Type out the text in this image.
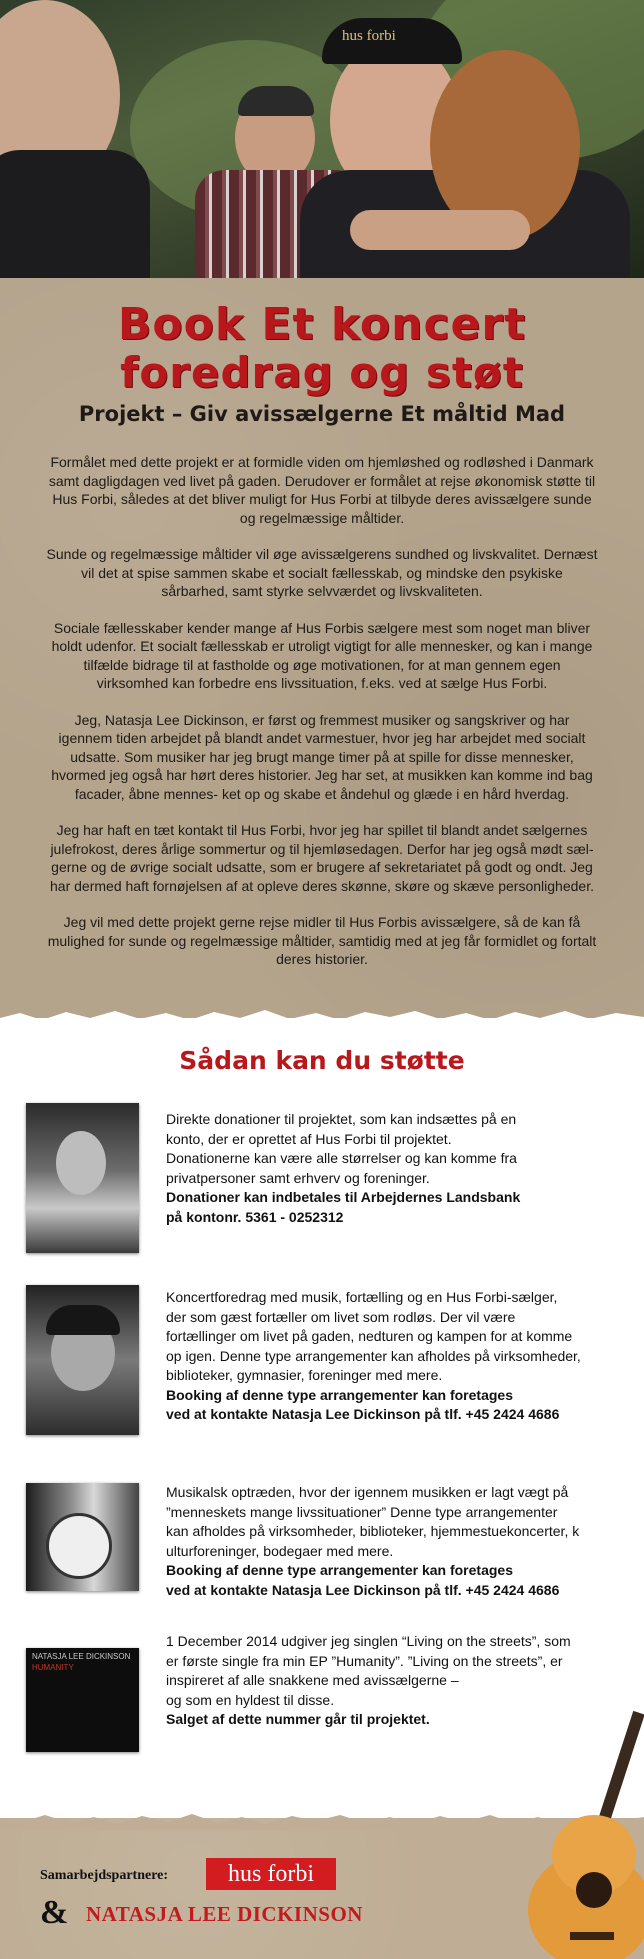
hus forbi
Book Et koncert
foredrag og støt
Projekt – Giv avissælgerne Et måltid Mad

Formålet med dette projekt er at formidle viden om hjemløshed og rodløshed i Danmark samt dagligdagen ved livet på gaden. Derudover er formålet at rejse økonomisk støtte til Hus Forbi, således at det bliver muligt for Hus Forbi at tilbyde deres avissælgere sunde og regelmæssige måltider.

Sunde og regelmæssige måltider vil øge avissælgerens sundhed og livskvalitet. Dernæst vil det at spise sammen skabe et socialt fællesskab, og mindske den psykiske sårbarhed, samt styrke selvværdet og livskvaliteten.

Sociale fællesskaber kender mange af Hus Forbis sælgere mest som noget man bliver holdt udenfor. Et socialt fællesskab er utroligt vigtigt for alle mennesker, og kan i mange tilfælde bidrage til at fastholde og øge motivationen, for at man gennem egen virksomhed kan forbedre ens livssituation, f.eks. ved at sælge Hus Forbi.

Jeg, Natasja Lee Dickinson, er først og fremmest musiker og sangskriver og har igennem tiden arbejdet på blandt andet varmestuer, hvor jeg har arbejdet med socialt udsatte. Som musiker har jeg brugt mange timer på at spille for disse mennesker, hvormed jeg også har hørt deres historier. Jeg har set, at musikken kan komme ind bag facader, åbne mennes- ket op og skabe et åndehul og glæde i en hård hverdag.

Jeg har haft en tæt kontakt til Hus Forbi, hvor jeg har spillet til blandt andet sælgernes julefrokost, deres årlige sommertur og til hjemløsedagen. Derfor har jeg også mødt sæl- gerne og de øvrige socialt udsatte, som er brugere af sekretariatet på godt og ondt. Jeg har dermed haft fornøjelsen af at opleve deres skønne, skøre og skæve personligheder.

Jeg vil med dette projekt gerne rejse midler til Hus Forbis avissælgere, så de kan få mulighed for sunde og regelmæssige måltider, samtidig med at jeg får formidlet og fortalt deres historier.

Sådan kan du støtte
Direkte donationer til projektet, som kan indsættes på en
konto, der er oprettet af Hus Forbi til projektet.
Donationerne kan være alle størrelser og kan komme fra
privatpersoner samt erhverv og foreninger.
Donationer kan indbetales til Arbejdernes Landsbank
på kontonr. 5361 - 0252312
Koncertforedrag med musik, fortælling og en Hus Forbi-sælger,
der som gæst fortæller om livet som rodløs. Der vil være
fortællinger om livet på gaden, nedturen og kampen for at komme
op igen. Denne type arrangementer kan afholdes på virksomheder,
biblioteker, gymnasier, foreninger med mere.
Booking af denne type arrangementer kan foretages
ved at kontakte Natasja Lee Dickinson på tlf. +45 2424 4686
Musikalsk optræden, hvor der igennem musikken er lagt vægt på
”menneskets mange livssituationer” Denne type arrangementer
kan afholdes på virksomheder, biblioteker, hjemmestuekoncerter, k
ulturforeninger, bodegaer med mere.
Booking af denne type arrangementer kan foretages
ved at kontakte Natasja Lee Dickinson på tlf. +45 2424 4686
NATASJA LEE DICKINSON
HUMANITY
1 December 2014 udgiver jeg singlen “Living on the streets”, som
er første single fra min EP ”Humanity”. ”Living on the streets”, er
inspireret af alle snakkene med avissælgerne –
og som en hyldest til disse.
Salget af dette nummer går til projektet.
Samarbejdspartnere:	hus forbi
& NATASJA LEE DICKINSON
